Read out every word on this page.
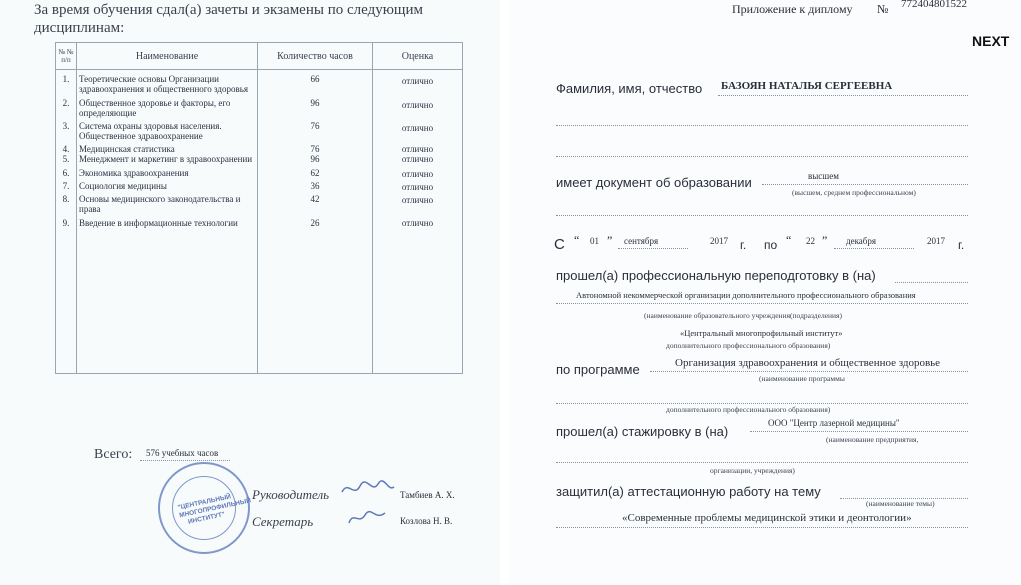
За время обучения сдал(а) зачеты и экзамены по следующим
дисциплинам:
№ № п/п	Наименование	Количество часов	Оценка
1.	Теоретические основы Организации здравоохранения и общественного здоровья	66	отлично
2.	Общественное здоровье и факторы, его определяющие	96	отлично
3.	Система охраны здоровья населения. Общественное здравоохранение	76	отлично
4.	Медицинская статистика	76	отлично
5.	Менеджмент и маркетинг в здравоохранении	96	отлично
6.	Экономика здравоохранения	62	отлично
7.	Социология медицины	36	отлично
8.	Основы медицинского законодательства и права	42	отлично
9.	Введение в информационные технологии	26	отлично
Всего: 576 учебных часов
"ЦЕНТРАЛЬНЫЙ МНОГОПРОФИЛЬНЫЙ ИНСТИТУТ"
Руководитель	Тамбиев А. Х.
Секретарь	Козлова Н. В.
Приложение к диплому № 772404801522
Фамилия, имя, отчество БАЗОЯН НАТАЛЬЯ СЕРГЕЕВНА
имеет документ об образовании	высшем
(высшем, среднем профессиональном)
С “ 01 ” сентября	2017 г. по “ 22 ” декабря	2017 г.
прошел(а) профессиональную переподготовку в (на)
Автономной некоммерческой организации дополнительного профессионального образования
(наименование образовательного учреждения(подразделения)
«Центральный многопрофильный институт»
дополнительного профессионального образования)
по программе	Организация здравоохранения и общественное здоровье
(наименование программы
дополнительного профессионального образования)
прошел(а) стажировку в (на)
ООО "Центр лазерной медицины"
(наименование предприятия,
организации, учреждения)
защитил(а) аттестационную работу на тему
(наименование темы)
«Современные проблемы медицинской этики и деонтологии»
NEXT
